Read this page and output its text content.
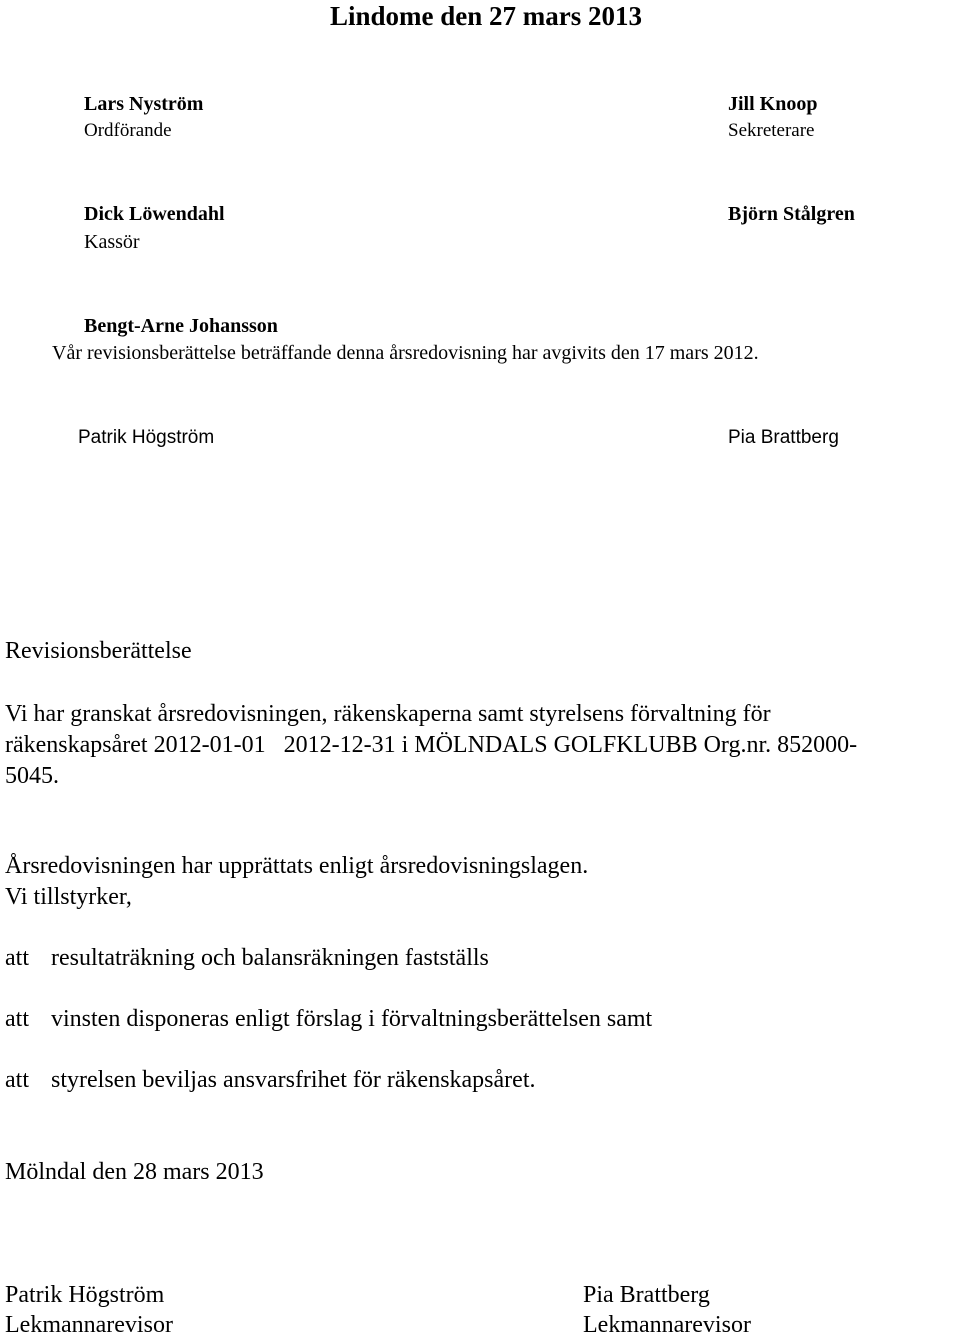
Lindome den 27 mars 2013
Lars Nyström
Ordförande
Jill Knoop
Sekreterare
Dick Löwendahl
Kassör
Björn Stålgren
Bengt-Arne Johansson
Vår revisionsberättelse beträffande denna årsredovisning har avgivits den 17 mars 2012.
Patrik Högström	Pia Brattberg
Revisionsberättelse
Vi har granskat årsredovisningen, räkenskaperna samt styrelsens förvaltning för
räkenskapsåret 2012-01-01   2012-12-31 i MÖLNDALS GOLFKLUBB Org.nr. 852000-
5045.
Årsredovisningen har upprättats enligt årsredovisningslagen.
Vi tillstyrker,
att resultaträkning och balansräkningen fastställs
att vinsten disponeras enligt förslag i förvaltningsberättelsen samt
att styrelsen beviljas ansvarsfrihet för räkenskapsåret.
Mölndal den 28 mars 2013
Patrik Högström
Lekmannarevisor
Pia Brattberg
Lekmannarevisor
